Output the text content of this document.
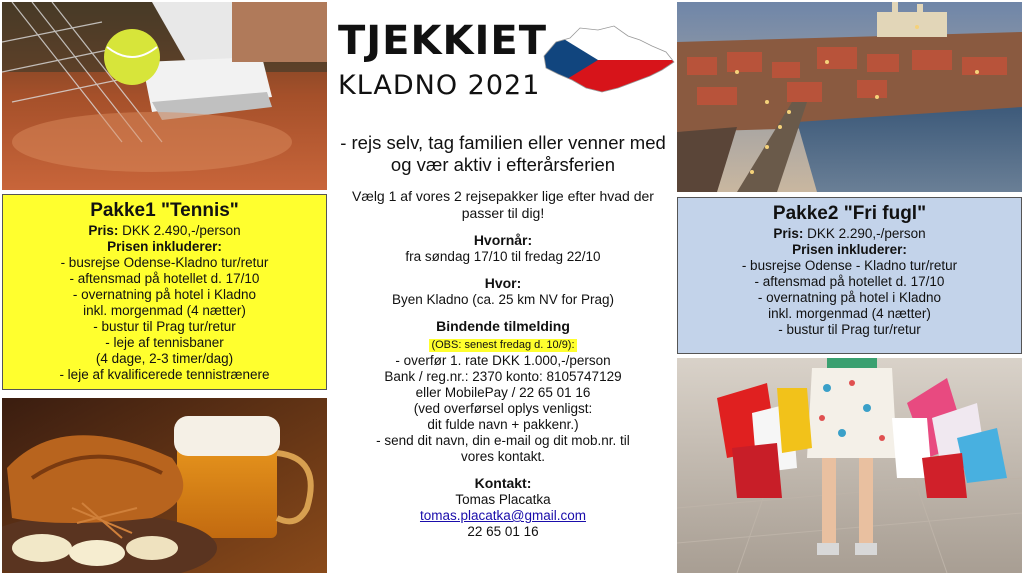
TJEKKIET
KLADNO 2021
- rejs selv, tag familien eller venner med og vær aktiv i efterårsferien
Vælg 1 af vores 2 rejsepakker lige efter hvad der passer til dig!
Hvornår:
fra søndag 17/10 til fredag 22/10
Hvor:
Byen Kladno (ca. 25 km NV for Prag)
Bindende tilmelding
(OBS: senest fredag d. 10/9):
- overfør 1. rate DKK 1.000,-/person
Bank / reg.nr.: 2370 konto: 8105747129
eller MobilePay / 22 65 01 16
(ved overførsel oplys venligst:
dit fulde navn + pakkenr.)
- send dit navn, din e-mail og dit mob.nr. til
vores kontakt.
Kontakt:
Tomas Placatka
tomas.placatka@gmail.com
22 65 01 16
Pakke1 "Tennis"
Pris: DKK 2.490,-/person
Prisen inkluderer:
- busrejse Odense-Kladno tur/retur
- aftensmad på hotellet d. 17/10
- overnatning på hotel i Kladno
inkl. morgenmad (4 nætter)
- bustur til Prag tur/retur
- leje af tennisbaner
(4 dage, 2-3 timer/dag)
- leje af kvalificerede tennistrænere
Pakke2 "Fri fugl"
Pris: DKK 2.290,-/person
Prisen inkluderer:
- busrejse Odense - Kladno tur/retur
- aftensmad på hotellet d. 17/10
- overnatning på hotel i Kladno
inkl. morgenmad (4 nætter)
- bustur til Prag tur/retur
